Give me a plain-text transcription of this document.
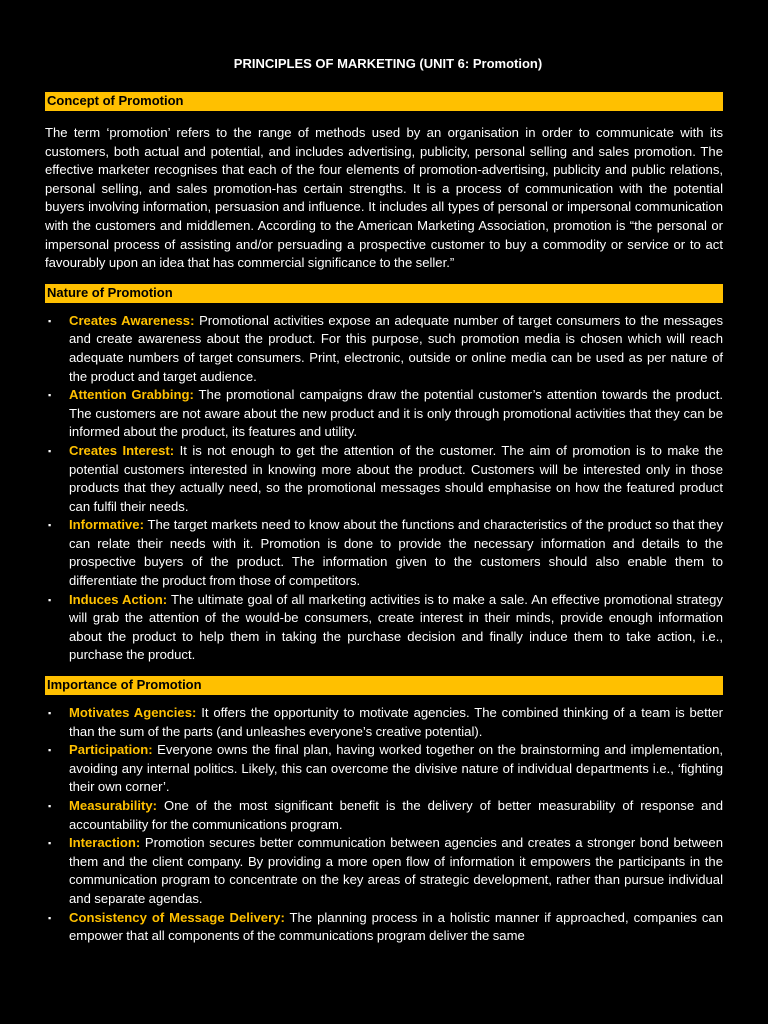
PRINCIPLES OF MARKETING (UNIT 6: Promotion)
Concept of Promotion

The term ‘promotion’ refers to the range of methods used by an organisation in order to communicate with its customers, both actual and potential, and includes advertising, publicity, personal selling and sales promotion. The effective marketer recognises that each of the four elements of promotion-advertising, publicity and public relations, personal selling, and sales promotion-has certain strengths. It is a process of communication with the potential buyers involving information, persuasion and influence. It includes all types of personal or impersonal communication with the customers and middlemen. According to the American Marketing Association, promotion is “the personal or impersonal process of assisting and/or persuading a prospective customer to buy a commodity or service or to act favourably upon an idea that has commercial significance to the seller.”

Nature of Promotion
▪ Creates Awareness: Promotional activities expose an adequate number of target consumers to the messages and create awareness about the product. For this purpose, such promotion media is chosen which will reach adequate numbers of target consumers. Print, electronic, outside or online media can be used as per nature of the product and target audience.
▪ Attention Grabbing: The promotional campaigns draw the potential customer’s attention towards the product. The customers are not aware about the new product and it is only through promotional activities that they can be informed about the product, its features and utility.
▪ Creates Interest: It is not enough to get the attention of the customer. The aim of promotion is to make the potential customers interested in knowing more about the product. Customers will be interested only in those products that they actually need, so the promotional messages should emphasise on how the featured product can fulfil their needs.
▪ Informative: The target markets need to know about the functions and characteristics of the product so that they can relate their needs with it. Promotion is done to provide the necessary information and details to the prospective buyers of the product. The information given to the customers should also enable them to differentiate the product from those of competitors.
▪ Induces Action: The ultimate goal of all marketing activities is to make a sale. An effective promotional strategy will grab the attention of the would-be consumers, create interest in their minds, provide enough information about the product to help them in taking the purchase decision and finally induce them to take action, i.e., purchase the product.
Importance of Promotion
▪ Motivates Agencies: It offers the opportunity to motivate agencies. The combined thinking of a team is better than the sum of the parts (and unleashes everyone’s creative potential).
▪ Participation: Everyone owns the final plan, having worked together on the brainstorming and implementation, avoiding any internal politics. Likely, this can overcome the divisive nature of individual departments i.e., ‘fighting their own corner’.
▪ Measurability: One of the most significant benefit is the delivery of better measurability of response and accountability for the communications program.
▪ Interaction: Promotion secures better communication between agencies and creates a stronger bond between them and the client company. By providing a more open flow of information it empowers the participants in the communication program to concentrate on the key areas of strategic development, rather than pursue individual and separate agendas.
▪ Consistency of Message Delivery: The planning process in a holistic manner if approached, companies can empower that all components of the communications program deliver the same
